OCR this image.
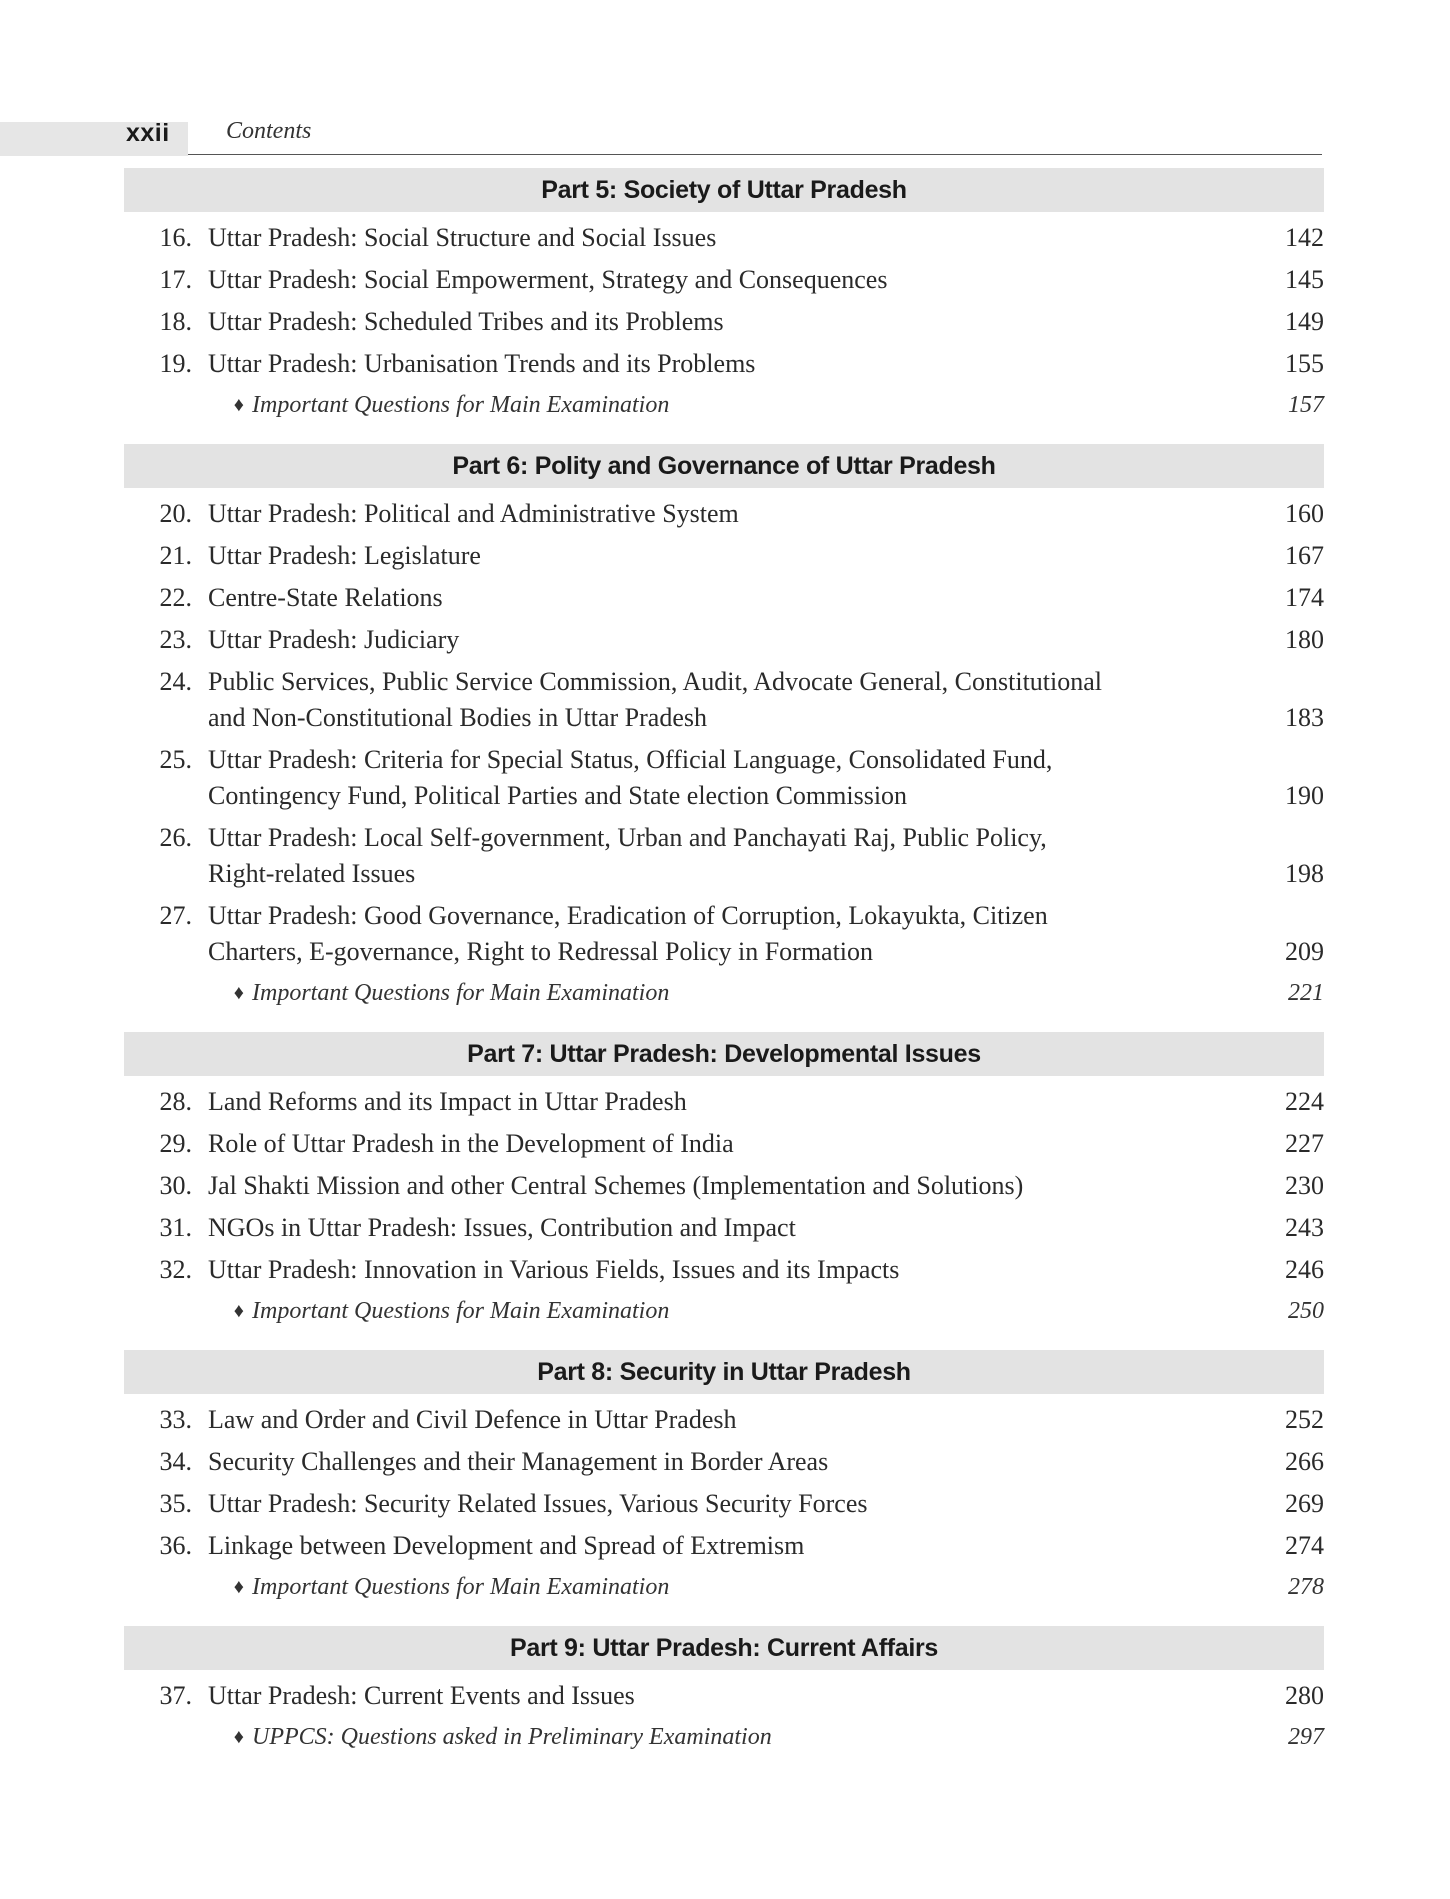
xxii Contents
Part 5: Society of Uttar Pradesh
16. Uttar Pradesh: Social Structure and Social Issues	142
17. Uttar Pradesh: Social Empowerment, Strategy and Consequences	145
18. Uttar Pradesh: Scheduled Tribes and its Problems	149
19. Uttar Pradesh: Urbanisation Trends and its Problems	155
♦ Important Questions for Main Examination	157
Part 6: Polity and Governance of Uttar Pradesh
20. Uttar Pradesh: Political and Administrative System	160
21. Uttar Pradesh: Legislature	167
22. Centre-State Relations	174
23. Uttar Pradesh: Judiciary	180
24. Public Services, Public Service Commission, Audit, Advocate General, Constitutional
and Non-Constitutional Bodies in Uttar Pradesh	183
25. Uttar Pradesh: Criteria for Special Status, Official Language, Consolidated Fund,
Contingency Fund, Political Parties and State election Commission	190
26. Uttar Pradesh: Local Self-government, Urban and Panchayati Raj, Public Policy,
Right-related Issues	198
27. Uttar Pradesh: Good Governance, Eradication of Corruption, Lokayukta, Citizen
Charters, E-governance, Right to Redressal Policy in Formation	209
♦ Important Questions for Main Examination	221
Part 7: Uttar Pradesh: Developmental Issues
28. Land Reforms and its Impact in Uttar Pradesh	224
29. Role of Uttar Pradesh in the Development of India	227
30. Jal Shakti Mission and other Central Schemes (Implementation and Solutions)	230
31. NGOs in Uttar Pradesh: Issues, Contribution and Impact	243
32. Uttar Pradesh: Innovation in Various Fields, Issues and its Impacts	246
♦ Important Questions for Main Examination	250
Part 8: Security in Uttar Pradesh
33. Law and Order and Civil Defence in Uttar Pradesh	252
34. Security Challenges and their Management in Border Areas	266
35. Uttar Pradesh: Security Related Issues, Various Security Forces	269
36. Linkage between Development and Spread of Extremism	274
♦ Important Questions for Main Examination	278
Part 9: Uttar Pradesh: Current Affairs
37. Uttar Pradesh: Current Events and Issues	280
♦ UPPCS: Questions asked in Preliminary Examination	297
